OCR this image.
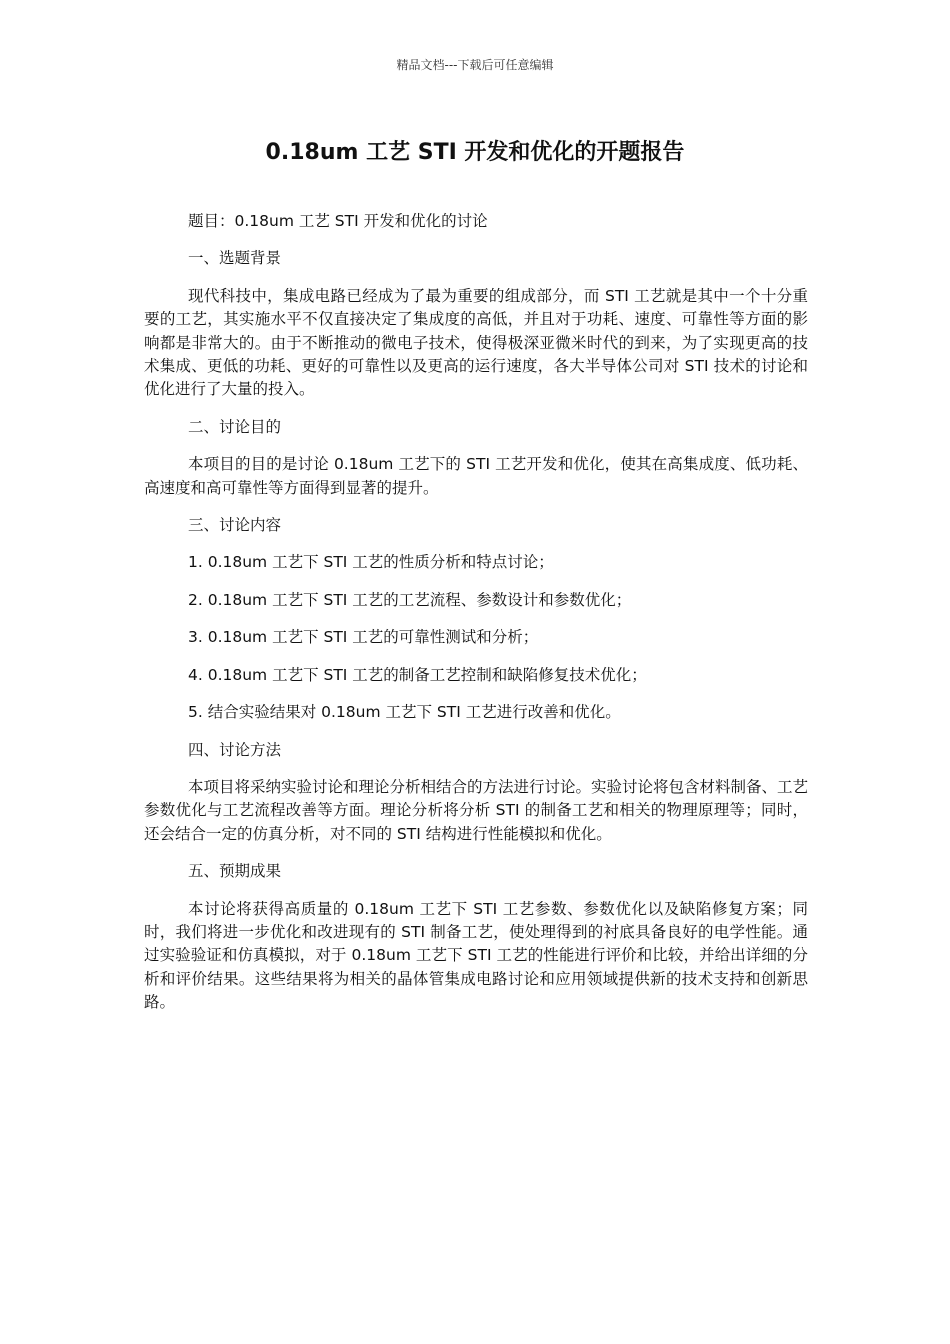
精品文档---下载后可任意编辑
0.18um 工艺 STI 开发和优化的开题报告

题目：0.18um 工艺 STI 开发和优化的讨论

一、选题背景

现代科技中，集成电路已经成为了最为重要的组成部分，而 STI 工艺就是其中一个十分重要的工艺，其实施水平不仅直接决定了集成度的高低，并且对于功耗、速度、可靠性等方面的影响都是非常大的。由于不断推动的微电子技术，使得极深亚微米时代的到来，为了实现更高的技术集成、更低的功耗、更好的可靠性以及更高的运行速度，各大半导体公司对 STI 技术的讨论和优化进行了大量的投入。

二、讨论目的

本项目的目的是讨论 0.18um 工艺下的 STI 工艺开发和优化，使其在高集成度、低功耗、高速度和高可靠性等方面得到显著的提升。

三、讨论内容

1. 0.18um 工艺下 STI 工艺的性质分析和特点讨论；

2. 0.18um 工艺下 STI 工艺的工艺流程、参数设计和参数优化；

3. 0.18um 工艺下 STI 工艺的可靠性测试和分析；

4. 0.18um 工艺下 STI 工艺的制备工艺控制和缺陷修复技术优化；

5. 结合实验结果对 0.18um 工艺下 STI 工艺进行改善和优化。

四、讨论方法

本项目将采纳实验讨论和理论分析相结合的方法进行讨论。实验讨论将包含材料制备、工艺参数优化与工艺流程改善等方面。理论分析将分析 STI 的制备工艺和相关的物理原理等；同时，还会结合一定的仿真分析，对不同的 STI 结构进行性能模拟和优化。

五、预期成果

本讨论将获得高质量的 0.18um 工艺下 STI 工艺参数、参数优化以及缺陷修复方案；同时，我们将进一步优化和改进现有的 STI 制备工艺，使处理得到的衬底具备良好的电学性能。通过实验验证和仿真模拟，对于 0.18um 工艺下 STI 工艺的性能进行评价和比较，并给出详细的分析和评价结果。这些结果将为相关的晶体管集成电路讨论和应用领域提供新的技术支持和创新思路。
